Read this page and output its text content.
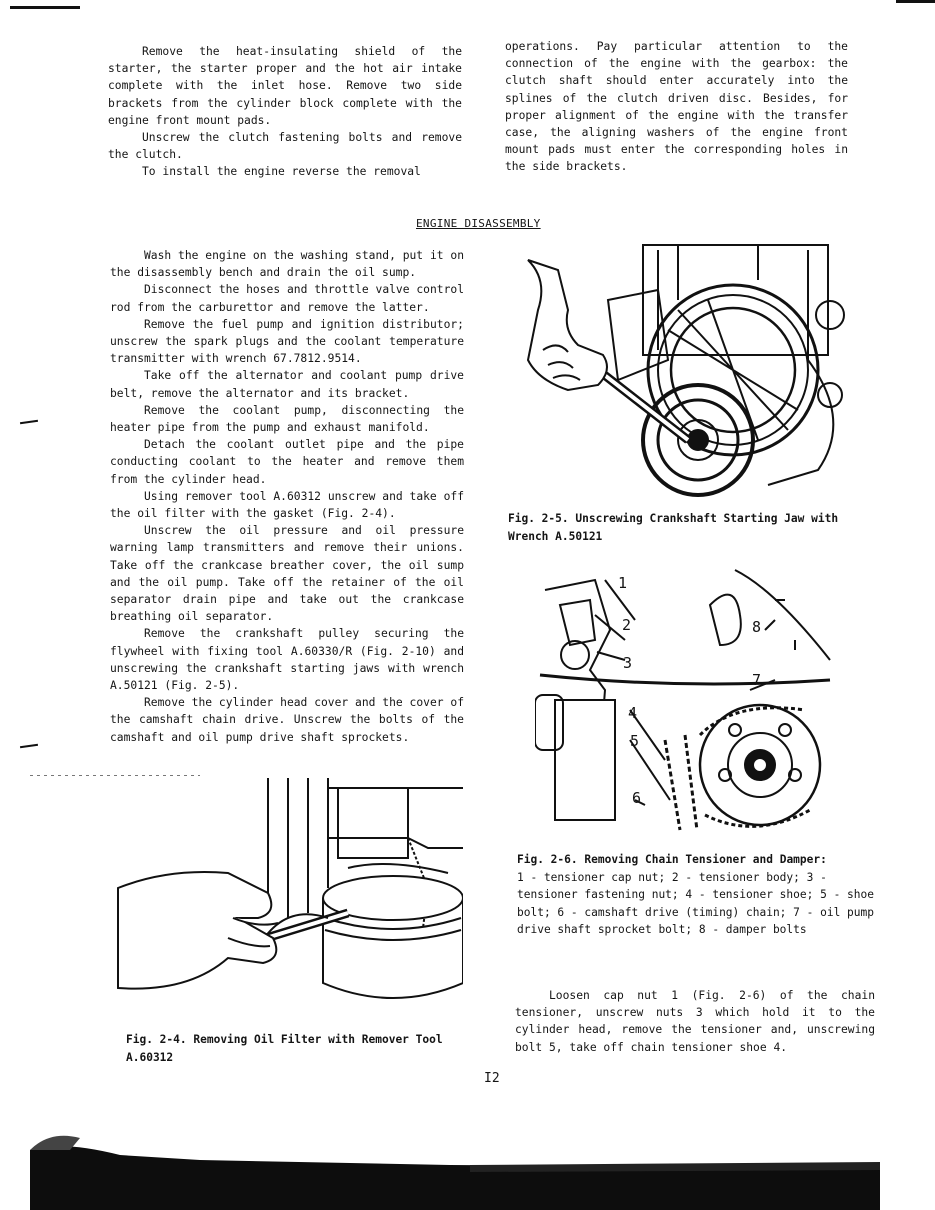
Remove the heat-insulating shield of the starter, the starter proper and the hot air intake complete with the inlet hose. Remove two side brackets from the cylinder block complete with the engine front mount pads.

Unscrew the clutch fastening bolts and remove the clutch.

To install the engine reverse the removal

operations. Pay particular attention to the connection of the engine with the gearbox: the clutch shaft should enter accurately into the splines of the clutch driven disc. Besides, for proper alignment of the engine with the transfer case, the aligning washers of the engine front mount pads must enter the corresponding holes in the side brackets.

ENGINE DISASSEMBLY

Wash the engine on the washing stand, put it on the disassembly bench and drain the oil sump.

Disconnect the hoses and throttle valve control rod from the carburettor and remove the latter.

Remove the fuel pump and ignition distributor; unscrew the spark plugs and the coolant temperature transmitter with wrench 67.7812.9514.

Take off the alternator and coolant pump drive belt, remove the alternator and its bracket.

Remove the coolant pump, disconnecting the heater pipe from the pump and exhaust manifold.

Detach the coolant outlet pipe and the pipe conducting coolant to the heater and remove them from the cylinder head.

Using remover tool A.60312 unscrew and take off the oil filter with the gasket (Fig. 2-4).

Unscrew the oil pressure and oil pressure warning lamp transmitters and remove their unions. Take off the crankcase breather cover, the oil sump and the oil pump. Take off the retainer of the oil separator drain pipe and take out the crankcase breathing oil separator.

Remove the crankshaft pulley securing the flywheel with fixing tool A.60330/R (Fig. 2-10) and unscrewing the crankshaft starting jaws with wrench A.50121 (Fig. 2-5).

Remove the cylinder head cover and the cover of the camshaft chain drive. Unscrew the bolts of the camshaft and oil pump drive shaft sprockets.

Fig. 2-5. Unscrewing Crankshaft Starting Jaw with Wrench A.50121
1
2
3
4
5
6
7
8
Fig. 2-6. Removing Chain Tensioner and Damper:

1 - tensioner cap nut; 2 - tensioner body; 3 - tensioner fastening nut; 4 - tensioner shoe; 5 - shoe bolt; 6 - camshaft drive (timing) chain; 7 - oil pump drive shaft sprocket bolt; 8 - damper bolts

Fig. 2-4. Removing Oil Filter with Remover Tool A.60312

Loosen cap nut 1 (Fig. 2-6) of the chain tensioner, unscrew nuts 3 which hold it to the cylinder head, remove the tensioner and, unscrewing bolt 5, take off chain tensioner shoe 4.

I2
